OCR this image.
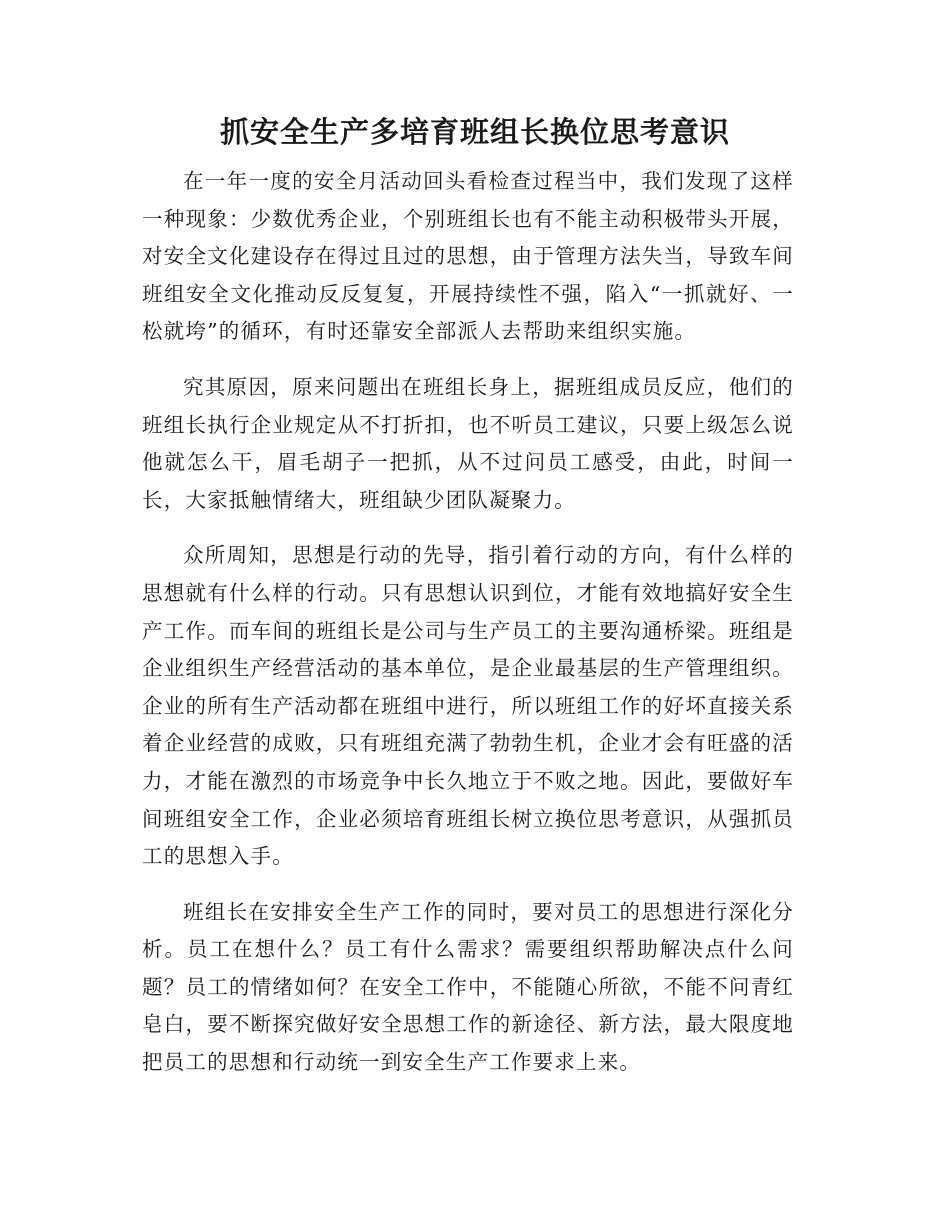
抓安全生产多培育班组长换位思考意识

在一年一度的安全月活动回头看检查过程当中，我们发现了这样一种现象：少数优秀企业，个别班组长也有不能主动积极带头开展，对安全文化建设存在得过且过的思想，由于管理方法失当，导致车间班组安全文化推动反反复复，开展持续性不强，陷入“一抓就好、一松就垮”的循环，有时还靠安全部派人去帮助来组织实施。

究其原因，原来问题出在班组长身上，据班组成员反应，他们的班组长执行企业规定从不打折扣，也不听员工建议，只要上级怎么说他就怎么干，眉毛胡子一把抓，从不过问员工感受，由此，时间一长，大家抵触情绪大，班组缺少团队凝聚力。

众所周知，思想是行动的先导，指引着行动的方向，有什么样的思想就有什么样的行动。只有思想认识到位，才能有效地搞好安全生产工作。而车间的班组长是公司与生产员工的主要沟通桥梁。班组是企业组织生产经营活动的基本单位，是企业最基层的生产管理组织。企业的所有生产活动都在班组中进行，所以班组工作的好坏直接关系着企业经营的成败，只有班组充满了勃勃生机，企业才会有旺盛的活力，才能在激烈的市场竞争中长久地立于不败之地。因此，要做好车间班组安全工作，企业必须培育班组长树立换位思考意识，从强抓员工的思想入手。

班组长在安排安全生产工作的同时，要对员工的思想进行深化分析。员工在想什么？员工有什么需求？需要组织帮助解决点什么问题？员工的情绪如何？在安全工作中，不能随心所欲，不能不问青红皂白，要不断探究做好安全思想工作的新途径、新方法，最大限度地把员工的思想和行动统一到安全生产工作要求上来。
